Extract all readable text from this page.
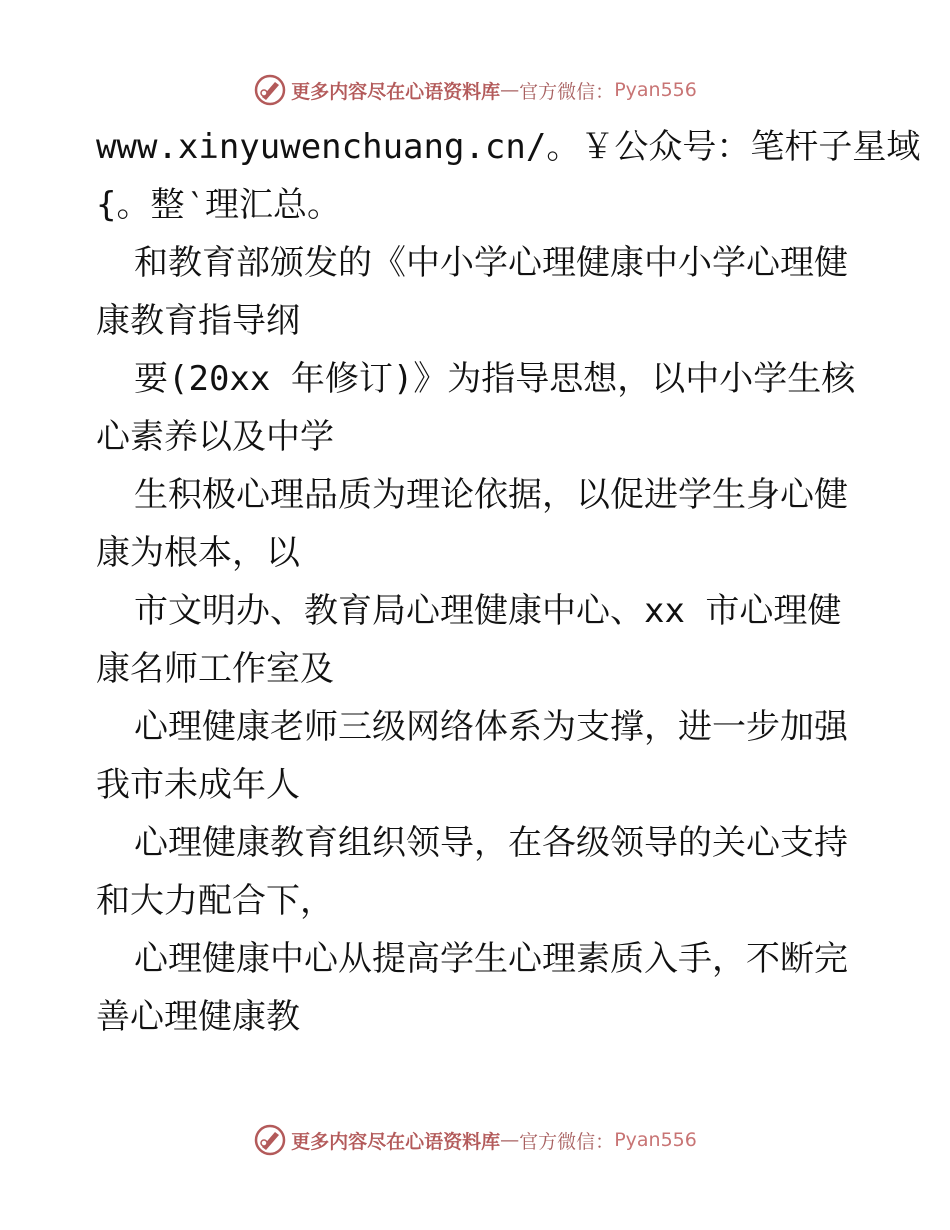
更多内容尽在心语资料库 — 官方微信： Pyan556
www.xinyuwenchuang.cn/。￥公众号：笔杆子星域
{。整‵理汇总。
和教育部颁发的《中小学心理健康中小学心理健
康教育指导纲
要(20xx 年修订)》为指导思想，以中小学生核
心素养以及中学
生积极心理品质为理论依据，以促进学生身心健
康为根本，以
市文明办、教育局心理健康中心、xx 市心理健
康名师工作室及
心理健康老师三级网络体系为支撑，进一步加强
我市未成年人
心理健康教育组织领导，在各级领导的关心支持
和大力配合下，
心理健康中心从提高学生心理素质入手，不断完
善心理健康教
更多内容尽在心语资料库 — 官方微信： Pyan556
